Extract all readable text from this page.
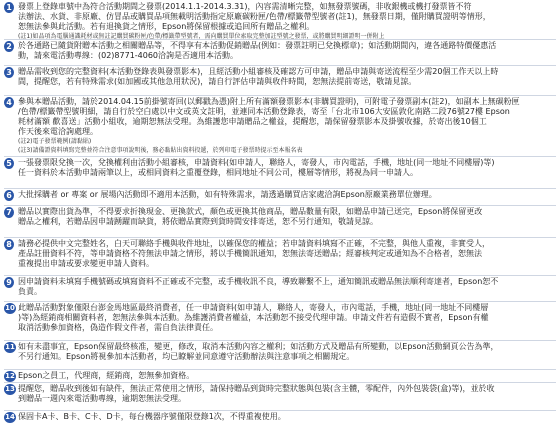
1 發票上登錄車號中為符合活動期間之發票(2014.1.1-2014.3.31)，內容需清晰完整，如無發票號碼，非收銀機或機打發票皆不符
法辦法、水貨、非原廠、仿冒品或購買品項無載明活動指定原廠碳粉匣/色帶/標籤帶型號者(註1)，無發票日期，僅附購買證明等情形，
恕無法參與此活動。若有退換貨之情形，Epson將保留根據或追回所有贈品之權利。
(註1)如品項為電腦通識耗材或無註記購買碳粉匣/色帶/標籤帶型號者，需向購買單位索取完整加註型號之發票，或將購買明細證明一併附上
2 於各通路已隨貨附贈本活動之相關贈品等，不得享有本活動促銷贈品(例如：發票註明已兌換標章)；如活動期間內，違各通路特價優惠活
動，請來電活動專線：(02)8771-4060洽詢是否適用本活動。
3 贈品需收到您的完整資料(本活動登錄表與發票影本)，且經活動小組審核及確認方可申請，贈品申請與寄送流程至少需20個工作天以上時
間，提醒您，若有特殊需求(如加國或其他急用狀況)，請自行評估申請與收件時間，恕無法提前寄送，敬請見諒。
4 參與本贈品活動，請於2014.04.15前掛號寄回(以郵戳為憑)附上所有滿額發票影本(非購買證明)，可附電子發票副本(註2)，如副本上無碳粉匣
/色帶/標籤帶型號明細，請自行於空白處以中文或英文註明，並連同本活動登錄表，寄至「台北市106大安區敦化南路二段76號27樓 Epson
耗材滿額 歡喜送」活動小組收，逾期恕無法受理。為維護您申請贈品之權益，提醒您，請保留發票影本及掛號收據，於寄出後10個工
作天後來電洽詢處理。
(註2)電子發票範例(請黏貼)
(註3)請備證資料填寫完整並符合注意事項說明後，務必黏貼出資料投遞，於列印電子發票時提示至本報名表
5 一張發票限兌換一次，兌換權利由活動小組審核，申請資料(如申請人，聯絡人，寄發人，市內電話，手機，地址(同一地址不同樓層)等)
任一資料於本活動申請兩筆以上，或相同資料之重覆登錄，相同地址不同公司，樓層等情形，將視為同一申請人。
6 大批採購者 or 專案 or 展場內活動即不適用本活動，如有特殊需求，請透過購買店家處洽詢Epson原廠業務單位辦理。
7 贈品以實際出貨為準，不得要求折換現金、更換款式，顏色或更換其他商品，贈品數量有限，如贈品申請已送完，Epson將保留更改
贈品之權利，若贈品因申請踴躍而缺貨，將依贈品實際到貨時間安排寄送，恕不另行通知，敬請見諒。
8 請務必提供中文完整姓名，白天可聯絡手機與收件地址，以確保您的權益；若申請資料填寫不正確，不完整，與他人重複，非實受人，
產品註冊資料不符，等申請資格不符無法申請之情形，將以手機簡訊通知，恕無法寄送贈品；經審核判定或通知為不合格者，恕無法
重複提出申請或要求變更申請人資料。
9 因申請資料未填寫手機號碼或填寫資料不正確或不完整，或手機收訊不良，導致聯繫不上，通知簡訊或贈品無法順利寄達者，Epson恕不
負責。
10 此贈品活動對象僅限台澎金馬地區最終消費者，任一申請資料(如申請人，聯絡人，寄發人，市內電話，手機，地址(同一地址不同樓層
)等)為經銷商相關資料者，恕無法參與本活動。為維護消費者權益，本活動恕不接受代理申請。申請文件若有造假不實者，Epson有權
取消活動參加資格，偽造作假文件者，需自負法律責任。
11 如有未盡事宜，Epson保留最終核准，變更，修改，取消本活動內容之權利；如活動方式及贈品有所變動，以Epson活動網頁公告為準，
不另行通知。Epson將視參加本活動者，均已瞭解並同意遵守活動辦法與注意事項之相關規定。
12 Epson之員工，代理商，經銷商，恕無參加資格。
13 提醒您，贈品收到後如有缺件，無法正常使用之情形，請保持贈品到貨時完整狀態與包裝(含主體，零配件，內外包裝袋(盒)等)，並於收
到贈品一週內來電活動專線，逾期恕無法受理。
14 保固卡A卡、B卡、C卡、D卡，每台機器序號僅限登錄1次，不得重複使用。
